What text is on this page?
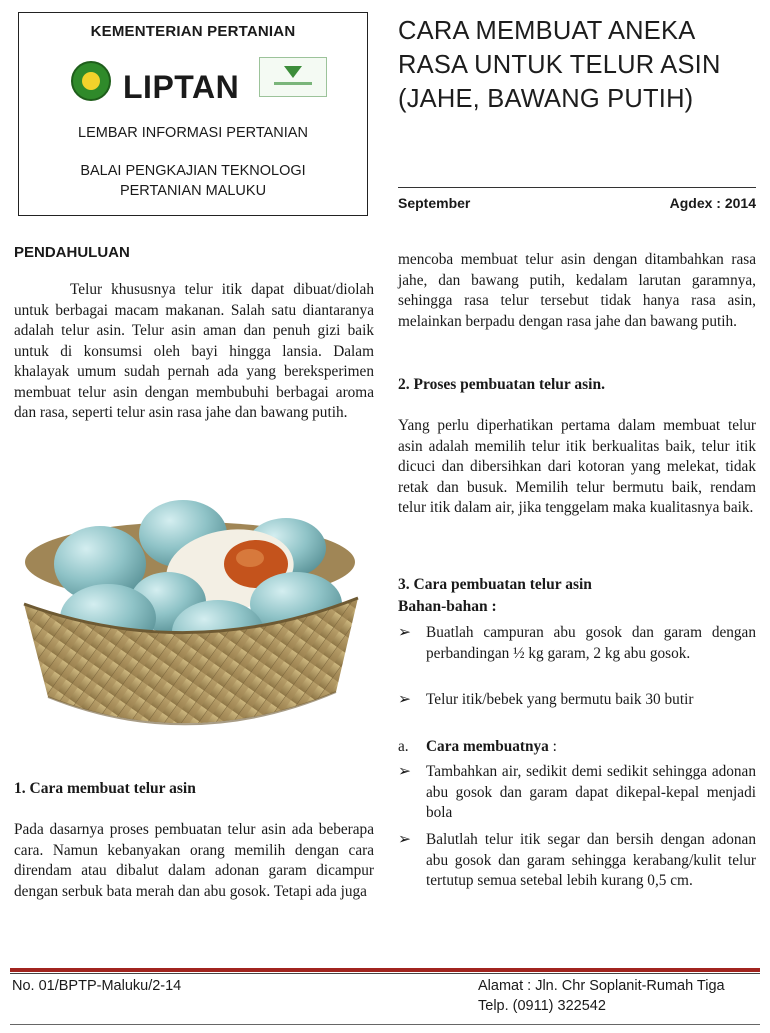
KEMENTERIAN PERTANIAN
LIPTAN
LEMBAR INFORMASI PERTANIAN
BALAI PENGKAJIAN TEKNOLOGI
PERTANIAN MALUKU
CARA MEMBUAT ANEKA
RASA UNTUK TELUR ASIN
(JAHE, BAWANG PUTIH)
September	Agdex : 2014
PENDAHULUAN
Telur khususnya telur itik dapat dibuat/diolah untuk berbagai macam makanan. Salah satu diantaranya adalah telur asin. Telur asin aman dan penuh gizi baik untuk di konsumsi oleh bayi hingga lansia. Dalam khalayak umum sudah pernah ada yang bereksperimen membuat telur asin dengan membubuhi berbagai aroma dan rasa, seperti telur asin rasa jahe dan bawang putih.
1. Cara membuat telur asin
Pada dasarnya proses pembuatan telur asin ada beberapa cara. Namun kebanyakan orang memilih dengan cara direndam atau dibalut dalam adonan garam dicampur dengan serbuk bata merah dan abu gosok. Tetapi ada juga
mencoba membuat telur asin dengan ditambahkan rasa jahe, dan bawang putih, kedalam larutan garamnya, sehingga rasa telur tersebut tidak hanya rasa asin, melainkan berpadu dengan rasa jahe dan bawang putih.
2. Proses pembuatan telur asin.
Yang perlu diperhatikan pertama dalam membuat telur asin adalah memilih telur itik berkualitas baik, telur itik dicuci dan dibersihkan dari kotoran yang melekat, tidak retak dan busuk. Memilih telur bermutu baik, rendam telur itik dalam air, jika tenggelam maka kualitasnya baik.
3. Cara pembuatan telur asin
Bahan-bahan :
➢ Buatlah campuran abu gosok dan garam dengan perbandingan ½ kg garam, 2 kg abu gosok.
➢ Telur itik/bebek yang bermutu baik 30 butir
a. Cara membuatnya :
➢ Tambahkan air, sedikit demi sedikit sehingga adonan abu gosok dan garam dapat dikepal-kepal menjadi bola
➢ Balutlah telur itik segar dan bersih dengan adonan abu gosok dan garam sehingga kerabang/kulit telur tertutup semua setebal lebih kurang 0,5 cm.
No. 01/BPTP-Maluku/2-14	Alamat : Jln. Chr Soplanit-Rumah Tiga
Telp. (0911) 322542
